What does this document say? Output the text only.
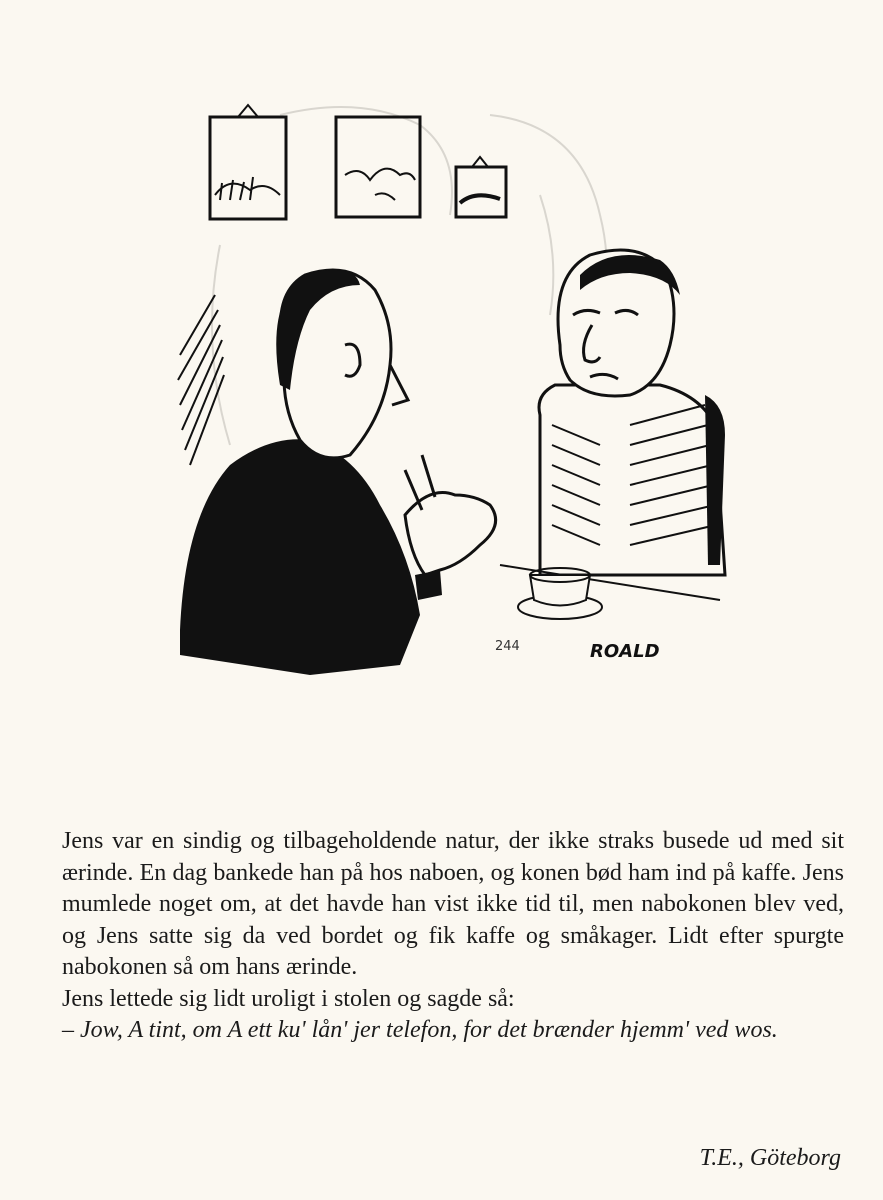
244	ROALD

Jens var en sindig og tilbageholdende natur, der ikke straks busede ud med sit ærinde. En dag bankede han på hos naboen, og konen bød ham ind på kaffe. Jens mumlede noget om, at det havde han vist ikke tid til, men nabokonen blev ved, og Jens satte sig da ved bordet og fik kaffe og småkager. Lidt efter spurgte nabokonen så om hans ærinde.

Jens lettede sig lidt uroligt i stolen og sagde så:

– Jow, A tint, om A ett ku' lån' jer telefon, for det brænder hjemm' ved wos.

T.E., Göteborg
